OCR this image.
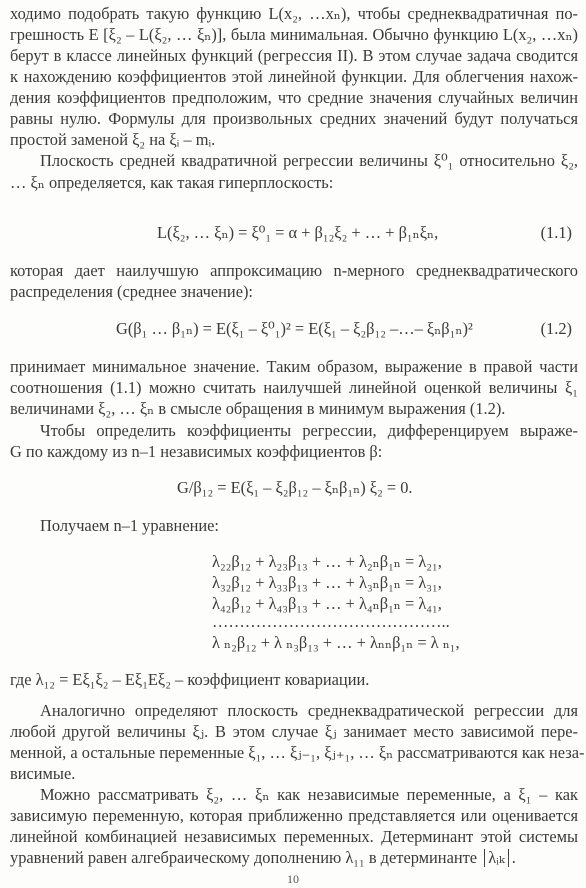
ходимо подобрать такую функцию L(x₂, …xₙ), чтобы среднеквадратичная по-
грешность E [ξ₂ – L(ξ₂, … ξₙ)], была минимальная. Обычно функцию L(x₂, …xₙ)
берут в классе линейных функций (регрессия II). В этом случае задача сводится
к нахождению коэффициентов этой линейной функции. Для облегчения нахож-
дения коэффициентов предположим, что средние значения случайных величин
равны нулю. Формулы для произвольных средних значений будут получаться
простой заменой ξ₂ на ξᵢ – mᵢ.
Плоскость средней квадратичной регрессии величины ξ⁰₁ относительно ξ₂,
… ξₙ определяется, как такая гиперплоскость:
L(ξ₂, … ξₙ) = ξ⁰₁ = α + β₁₂ξ₂ + … + β₁ₙξₙ,	(1.1)
которая дает наилучшую аппроксимацию n-мерного среднеквадратического
распределения (среднее значение):
G(β₁ … β₁ₙ) = E(ξ₁ – ξ⁰₁)² = E(ξ₁ – ξ₂β₁₂ –…– ξₙβ₁ₙ)²	(1.2)
принимает минимальное значение. Таким образом, выражение в правой части
соотношения (1.1) можно считать наилучшей линейной оценкой величины ξ₁
величинами ξ₂, … ξₙ в смысле обращения в минимум выражения (1.2).
Чтобы определить коэффициенты регрессии, дифференцируем выраже-
G по каждому из n–1 независимых коэффициентов β:
G/β₁₂ = E(ξ₁ – ξ₂β₁₂ – ξₙβ₁ₙ) ξ₂ = 0.
Получаем n–1 уравнение:
λ₂₂β₁₂ + λ₂₃β₁₃ + … + λ₂ₙβ₁ₙ = λ₂₁,
λ₃₂β₁₂ + λ₃₃β₁₃ + … + λ₃ₙβ₁ₙ = λ₃₁,
λ₄₂β₁₂ + λ₄₃β₁₃ + … + λ₄ₙβ₁ₙ = λ₄₁,
……………………………………..
λ ₙ₂β₁₂ + λ ₙ₃β₁₃ + … + λₙₙβ₁ₙ = λ ₙ₁,
где λ₁₂ = Eξ₁ξ₂ – Eξ₁Eξ₂ – коэффициент ковариации.
Аналогично определяют плоскость среднеквадратической регрессии для
любой другой величины ξⱼ. В этом случае ξⱼ занимает место зависимой пере-
менной, а остальные переменные ξ₁, … ξⱼ₋₁, ξⱼ₊₁, … ξₙ рассматриваются как неза-
висимые.
Можно рассматривать ξ₂, … ξₙ как независимые переменные, а ξ₁ – как
зависимую переменную, которая приближенно представляется или оценивается
линейной комбинацией независимых переменных. Детерминант этой системы
уравнений равен алгебраическому дополнению λ₁₁ в детерминанте λᵢₖ .
10
